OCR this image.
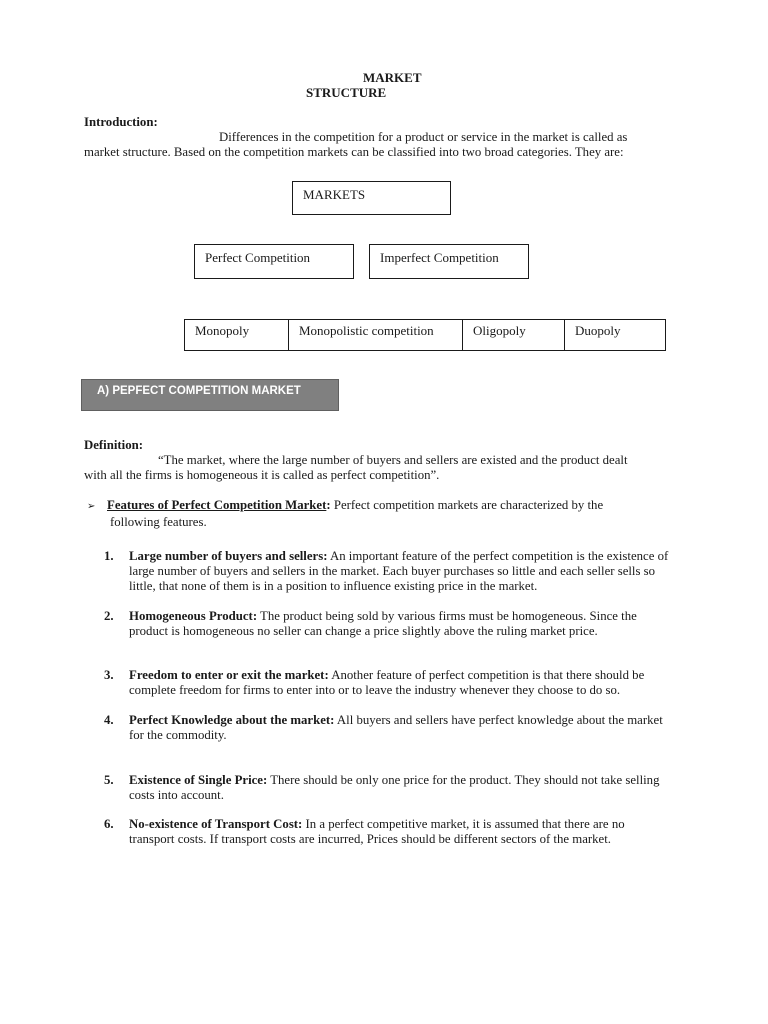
MARKET
STRUCTURE
Introduction:
Differences in the competition for a product or service in the market is called as
market structure. Based on the competition markets can be classified into two broad categories. They are:
MARKETS
Perfect Competition	Imperfect Competition
Monopoly	Monopolistic competition	Oligopoly	Duopoly
A) PEPFECT COMPETITION MARKET
Definition:
“The market, where the large number of buyers and sellers are existed and the product dealt
with all the firms is homogeneous it is called as perfect competition”.
➢ Features of Perfect Competition Market: Perfect competition markets are characterized by the
following features.
1. Large number of buyers and sellers: An important feature of the perfect competition is the existence of large number of buyers and sellers in the market. Each buyer purchases so little and each seller sells so little, that none of them is in a position to influence existing price in the market.
2. Homogeneous Product: The product being sold by various firms must be homogeneous. Since the product is homogeneous no seller can change a price slightly above the ruling market price.
3. Freedom to enter or exit the market: Another feature of perfect competition is that there should be complete freedom for firms to enter into or to leave the industry whenever they choose to do so.
4. Perfect Knowledge about the market: All buyers and sellers have perfect knowledge about the market for the commodity.
5. Existence of Single Price: There should be only one price for the product. They should not take selling costs into account.
6. No-existence of Transport Cost: In a perfect competitive market, it is assumed that there are no transport costs. If transport costs are incurred, Prices should be different sectors of the market.
